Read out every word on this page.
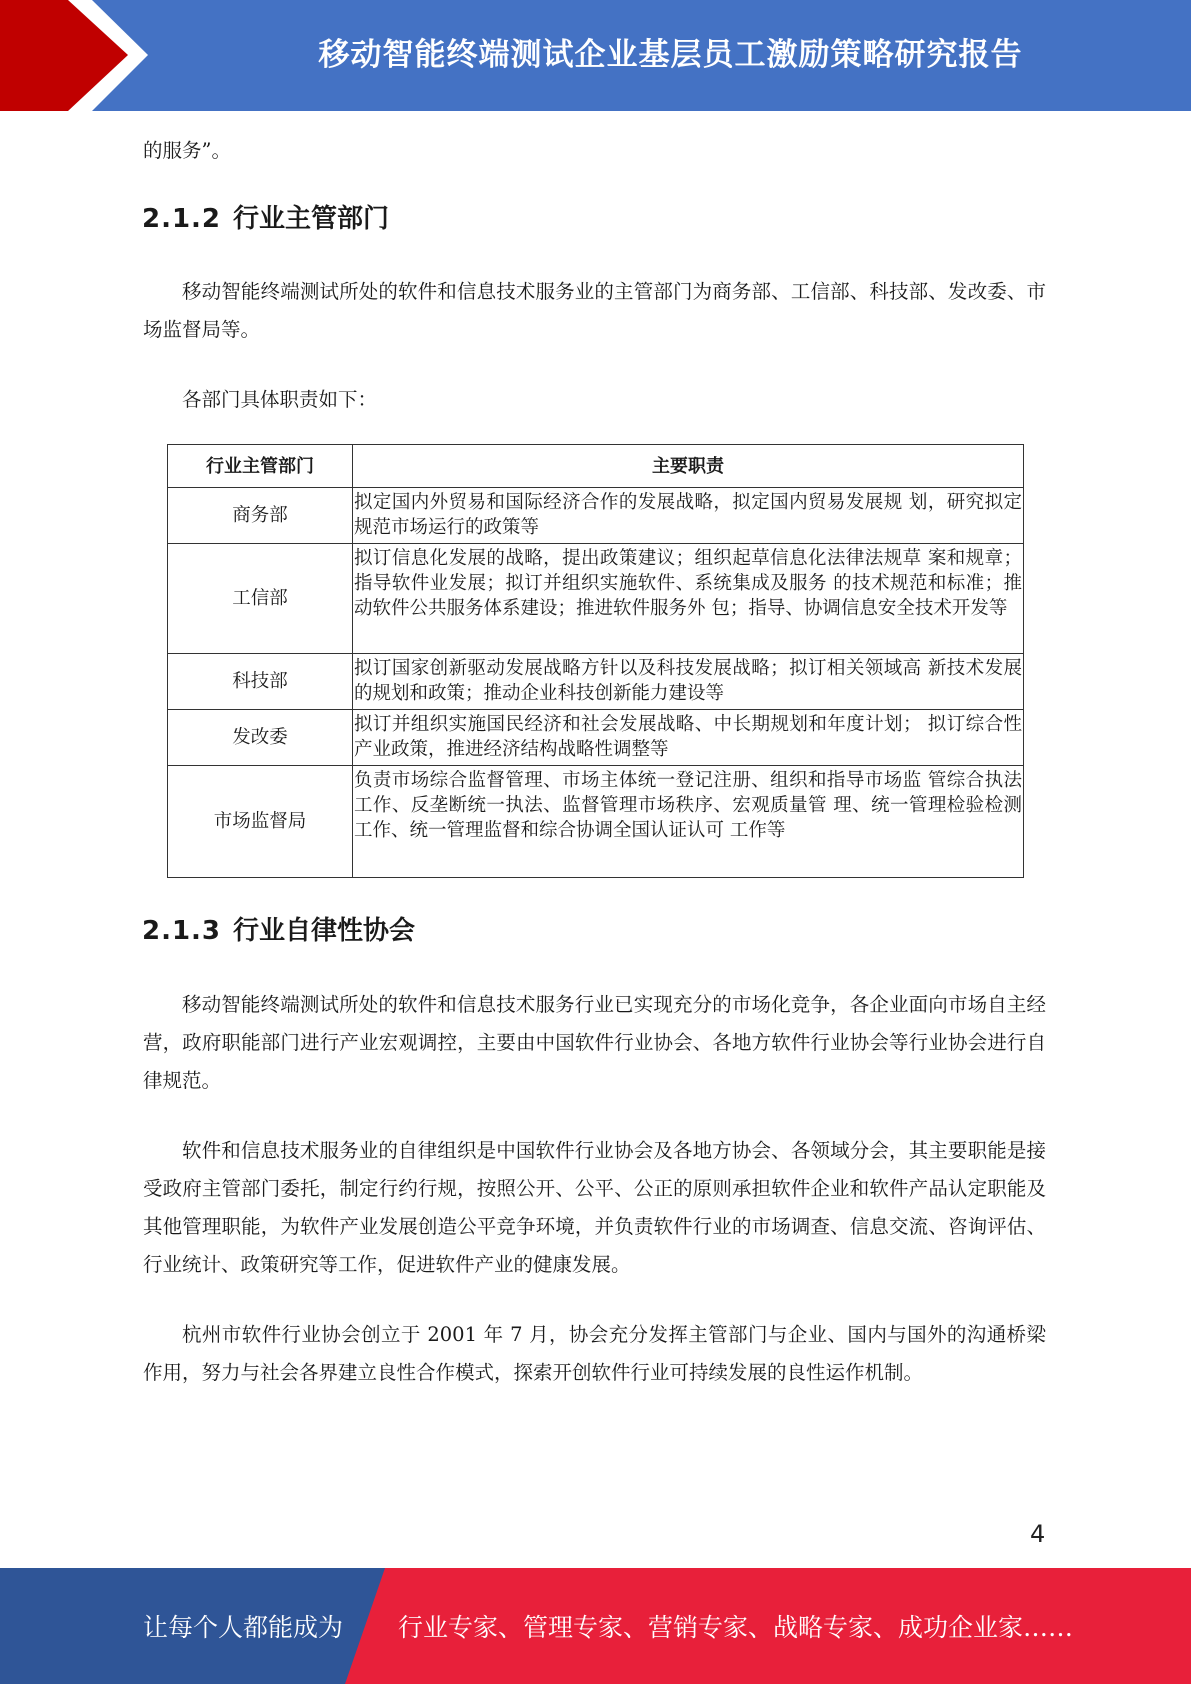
移动智能终端测试企业基层员工激励策略研究报告

的服务”。

2.1.2 行业主管部门

移动智能终端测试所处的软件和信息技术服务业的主管部门为商务部、工信部、科技部、发改委、市场监督局等。

各部门具体职责如下：

行业主管部门	主要职责
商务部	拟定国内外贸易和国际经济合作的发展战略，拟定国内贸易发展规 划，研究拟定规范市场运行的政策等
工信部	拟订信息化发展的战略，提出政策建议；组织起草信息化法律法规草 案和规章；指导软件业发展；拟订并组织实施软件、系统集成及服务 的技术规范和标准；推动软件公共服务体系建设；推进软件服务外 包；指导、协调信息安全技术开发等
科技部	拟订国家创新驱动发展战略方针以及科技发展战略；拟订相关领域高 新技术发展的规划和政策；推动企业科技创新能力建设等
发改委	拟订并组织实施国民经济和社会发展战略、中长期规划和年度计划； 拟订综合性产业政策，推进经济结构战略性调整等
市场监督局	负责市场综合监督管理、市场主体统一登记注册、组织和指导市场监 管综合执法工作、反垄断统一执法、监督管理市场秩序、宏观质量管 理、统一管理检验检测工作、统一管理监督和综合协调全国认证认可 工作等
2.1.3 行业自律性协会

移动智能终端测试所处的软件和信息技术服务行业已实现充分的市场化竞争，各企业面向市场自主经营，政府职能部门进行产业宏观调控，主要由中国软件行业协会、各地方软件行业协会等行业协会进行自律规范。

软件和信息技术服务业的自律组织是中国软件行业协会及各地方协会、各领域分会，其主要职能是接受政府主管部门委托，制定行约行规，按照公开、公平、公正的原则承担软件企业和软件产品认定职能及其他管理职能，为软件产业发展创造公平竞争环境，并负责软件行业的市场调查、信息交流、咨询评估、行业统计、政策研究等工作，促进软件产业的健康发展。

杭州市软件行业协会创立于 2001 年 7 月，协会充分发挥主管部门与企业、国内与国外的沟通桥梁作用，努力与社会各界建立良性合作模式，探索开创软件行业可持续发展的良性运作机制。

4
让每个人都能成为 行业专家、管理专家、营销专家、战略专家、成功企业家……
